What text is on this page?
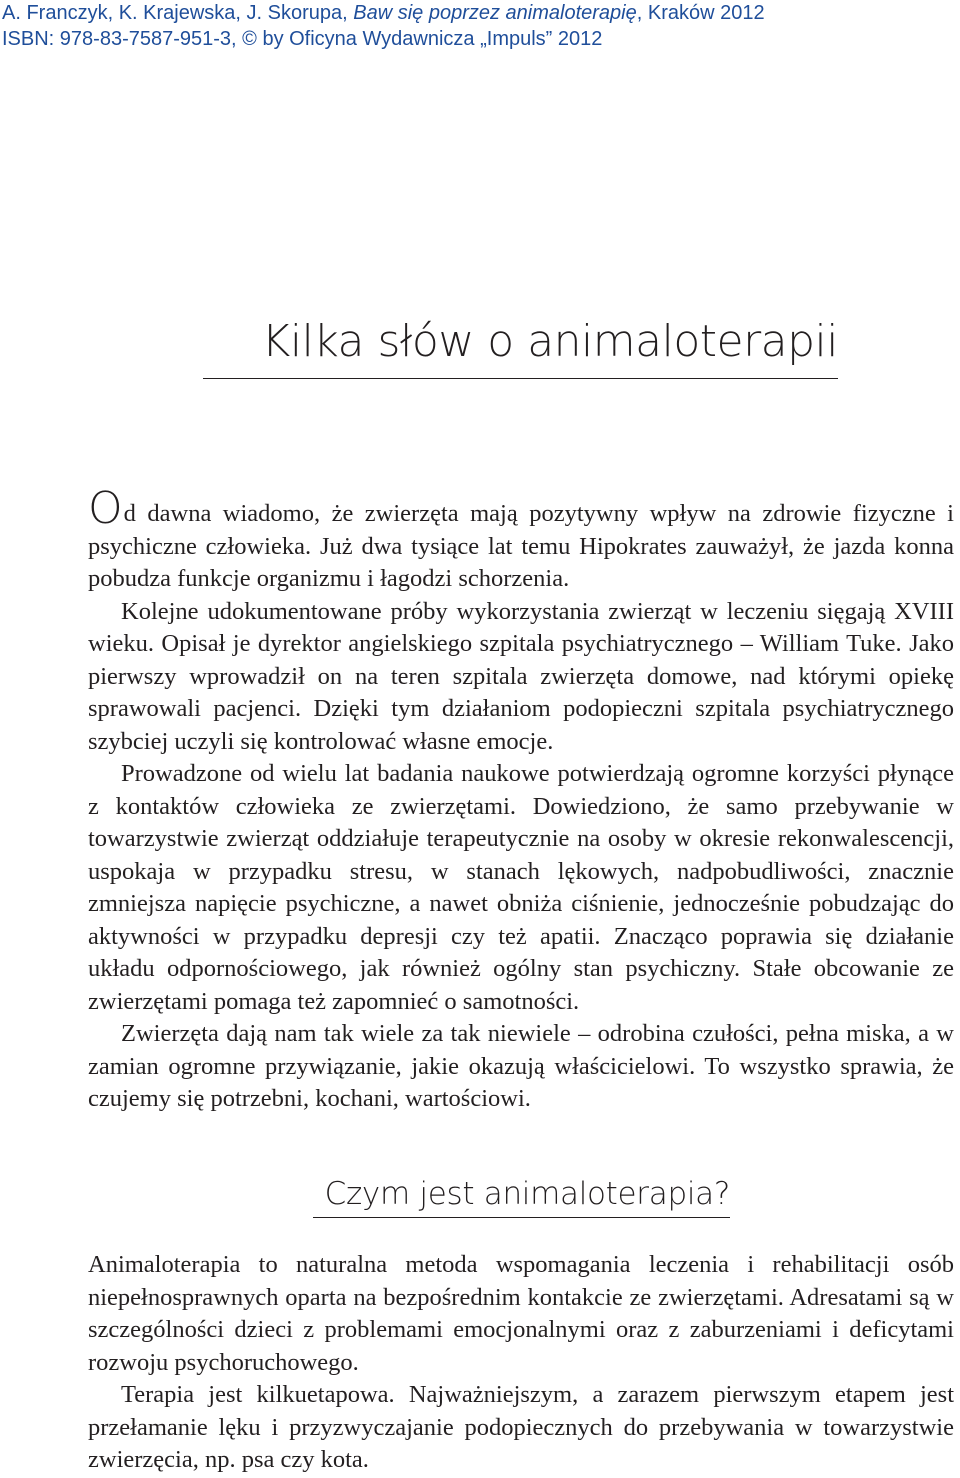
A. Franczyk, K. Krajewska, J. Skorupa, Baw się poprzez animaloterapię, Kraków 2012
ISBN: 978-83-7587-951-3, © by Oficyna Wydawnicza „Impuls” 2012
Kilka słów o animaloterapii

Od dawna wiadomo, że zwierzęta mają pozytywny wpływ na zdrowie fizyczne i psychiczne człowieka. Już dwa tysiące lat temu Hipokrates zauważył, że jazda konna pobudza funkcje organizmu i łagodzi schorzenia.

Kolejne udokumentowane próby wykorzystania zwierząt w leczeniu sięgają XVIII wieku. Opisał je dyrektor angielskiego szpitala psychiatrycznego – William Tuke. Jako pierwszy wprowadził on na teren szpitala zwierzęta domowe, nad którymi opiekę sprawowali pacjenci. Dzięki tym działaniom podopieczni szpitala psychiatrycznego szybciej uczyli się kontrolować własne emocje.

Prowadzone od wielu lat badania naukowe potwierdzają ogromne korzyści płynące z kontaktów człowieka ze zwierzętami. Dowiedziono, że samo przebywanie w towarzystwie zwierząt oddziałuje terapeutycznie na osoby w okresie rekonwalescencji, uspokaja w przypadku stresu, w stanach lękowych, nadpobudliwości, znacznie zmniejsza napięcie psychiczne, a nawet obniża ciśnienie, jednocześnie pobudzając do aktywności w przypadku depresji czy też apatii. Znacząco poprawia się działanie układu odpornościowego, jak również ogólny stan psychiczny. Stałe obcowanie ze zwierzętami pomaga też zapomnieć o samotności.

Zwierzęta dają nam tak wiele za tak niewiele – odrobina czułości, pełna miska, a w zamian ogromne przywiązanie, jakie okazują właścicielowi. To wszystko sprawia, że czujemy się potrzebni, kochani, wartościowi.

Czym jest animaloterapia?

Animaloterapia to naturalna metoda wspomagania leczenia i rehabilitacji osób niepełnosprawnych oparta na bezpośrednim kontakcie ze zwierzętami. Adresatami są w szczególności dzieci z problemami emocjonalnymi oraz z zaburzeniami i deficytami rozwoju psychoruchowego.

Terapia jest kilkuetapowa. Najważniejszym, a zarazem pierwszym etapem jest przełamanie lęku i przyzwyczajanie podopiecznych do przebywania w towarzystwie zwierzęcia, np. psa czy kota.
